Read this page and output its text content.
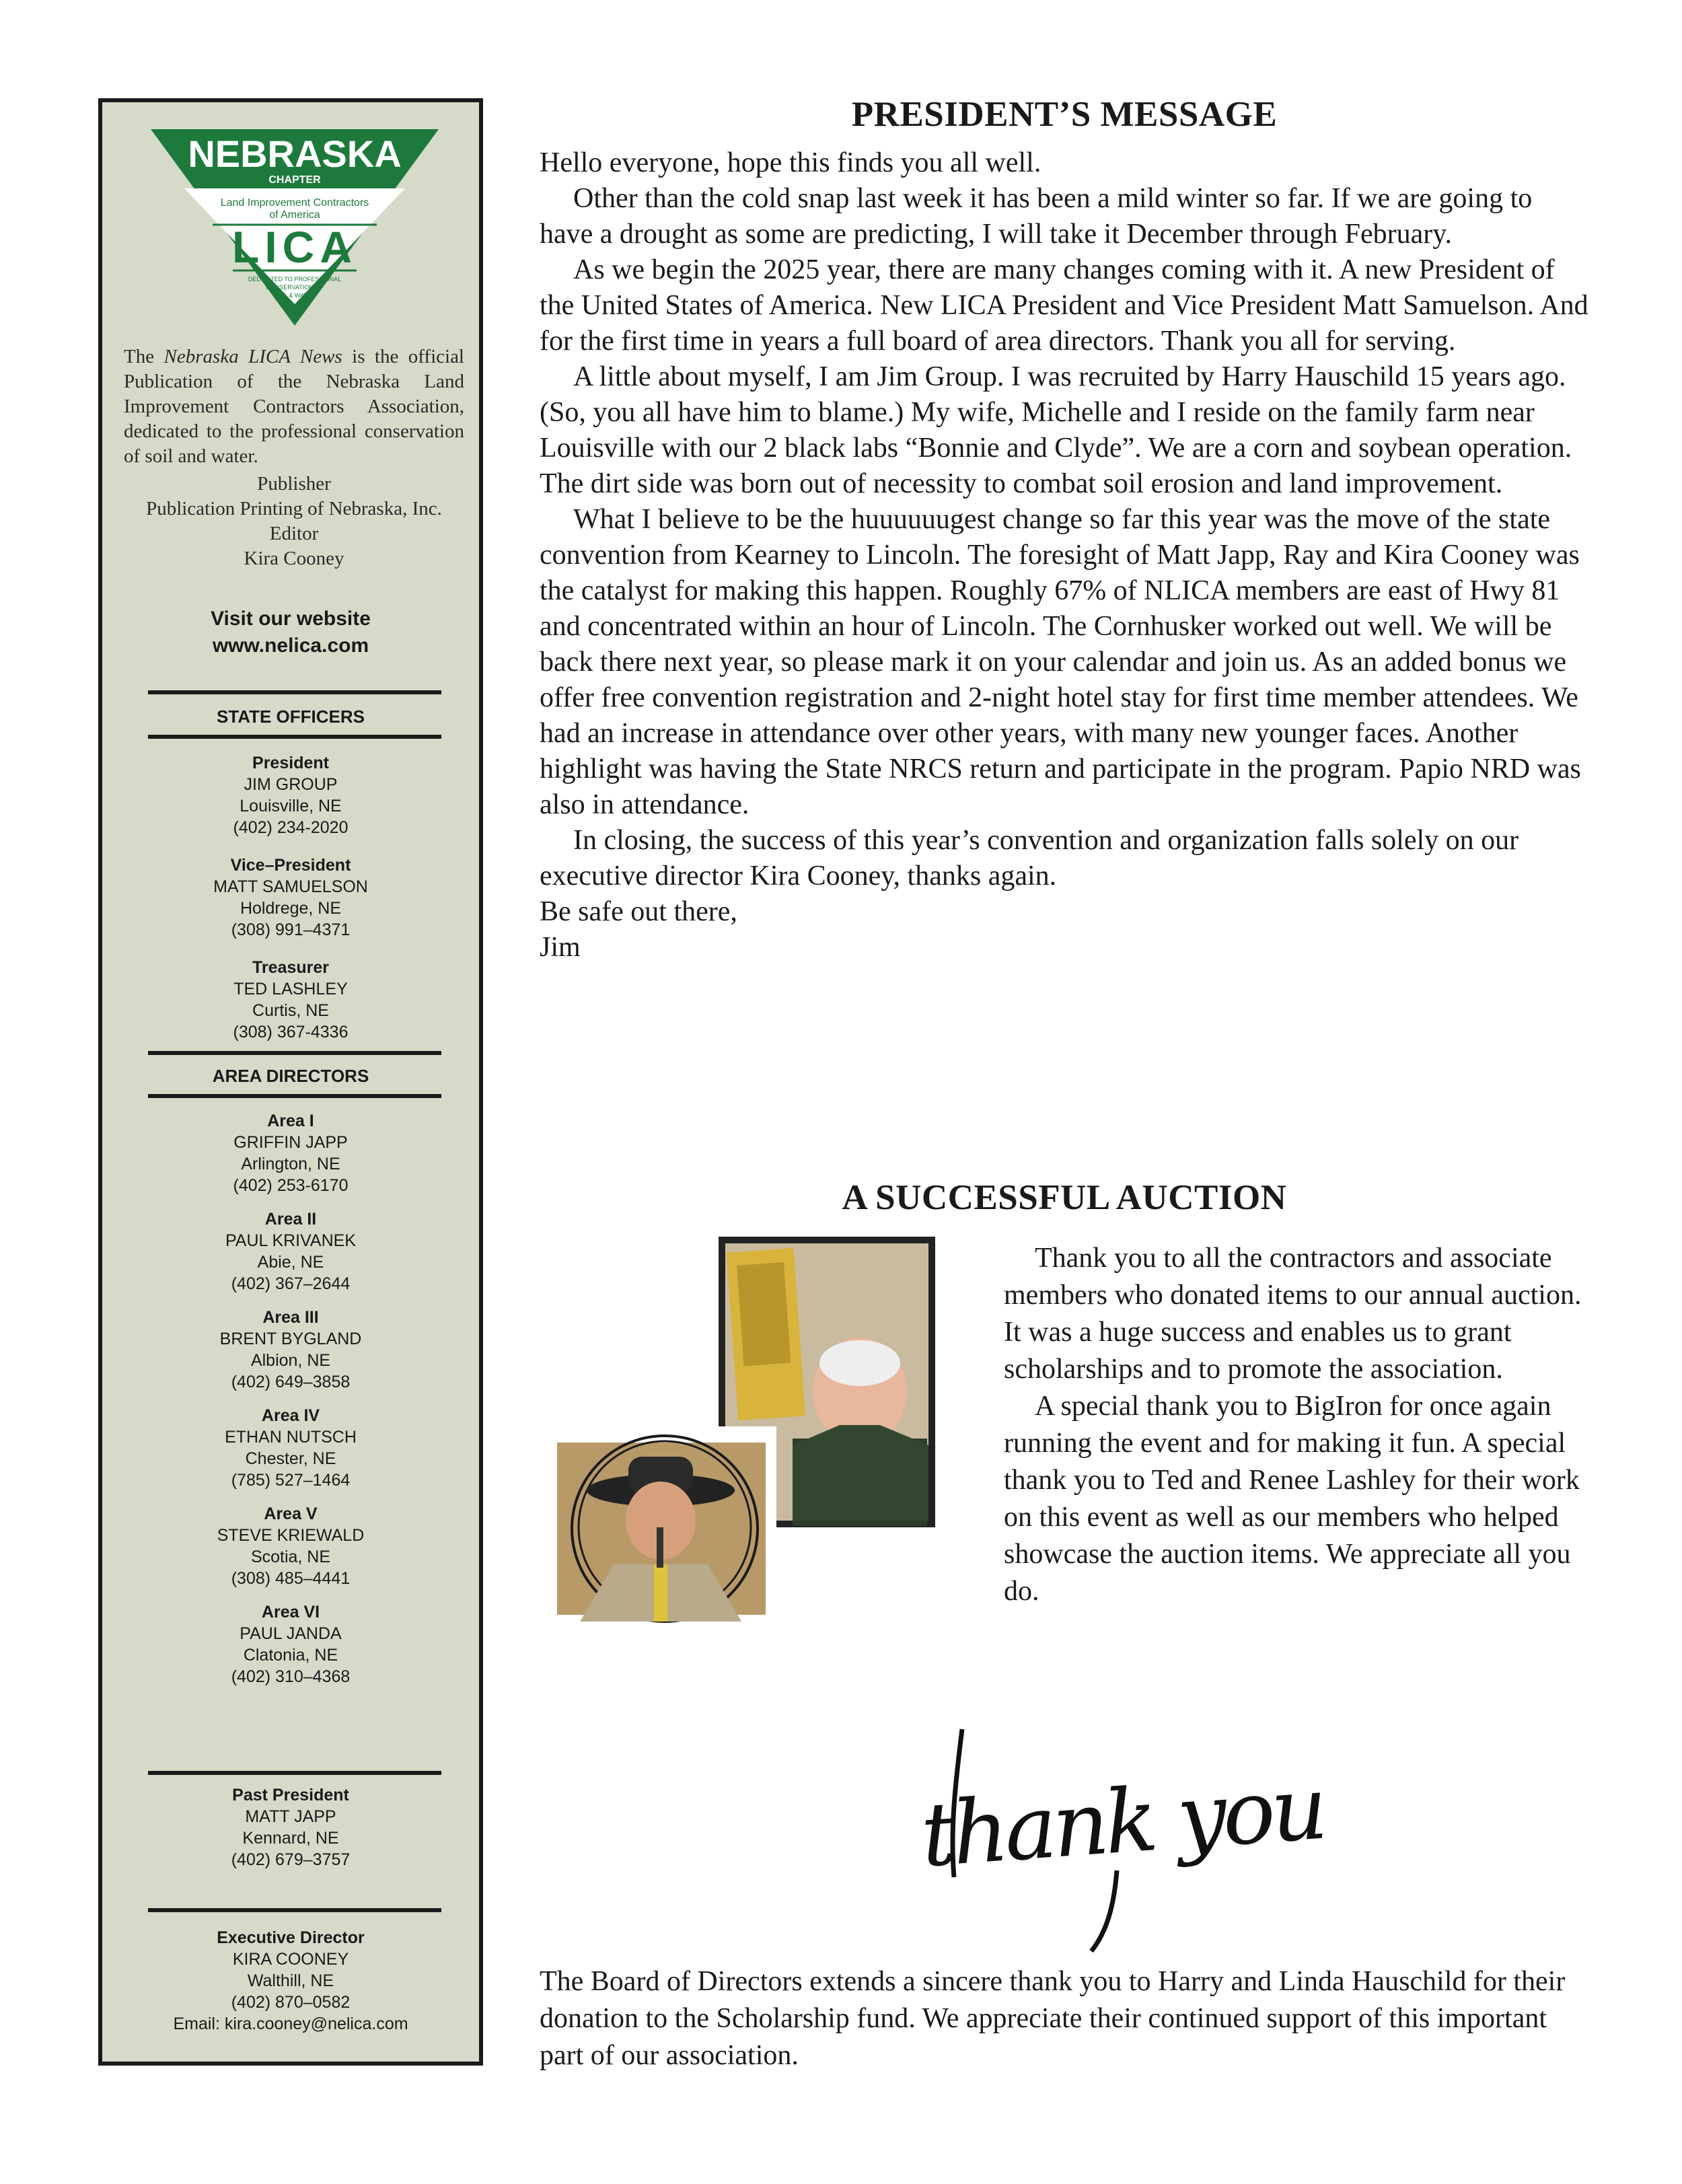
NEBRASKA
CHAPTER
Land Improvement Contractors
of America
LICA
DEDICATED TO PROFESSIONAL
CONSERVATION OF
SOIL & WATER
The Nebraska LICA News is the official Publication of the Nebraska Land Improvement Contractors Association, dedicated to the professional conservation of soil and water.
Publisher
Publication Printing of Nebraska, Inc.
Editor
Kira Cooney
Visit our website
www.nelica.com
STATE OFFICERS
President
JIM GROUP
Louisville, NE
(402) 234-2020
Vice–President
MATT SAMUELSON
Holdrege, NE
(308) 991–4371
Treasurer
TED LASHLEY
Curtis, NE
(308) 367-4336
AREA DIRECTORS
Area I
GRIFFIN JAPP
Arlington, NE
(402) 253-6170
Area II
PAUL KRIVANEK
Abie, NE
(402) 367–2644
Area III
BRENT BYGLAND
Albion, NE
(402) 649–3858
Area IV
ETHAN NUTSCH
Chester, NE
(785) 527–1464
Area V
STEVE KRIEWALD
Scotia, NE
(308) 485–4441
Area VI
PAUL JANDA
Clatonia, NE
(402) 310–4368
Past President
MATT JAPP
Kennard, NE
(402) 679–3757
Executive Director
KIRA COONEY
Walthill, NE
(402) 870–0582
Email: kira.cooney@nelica.com
PRESIDENT’S MESSAGE

Hello everyone, hope this finds you all well.

Other than the cold snap last week it has been a mild winter so far. If we are going to have a drought as some are predicting, I will take it December through February.

As we begin the 2025 year, there are many changes coming with it. A new President of the United States of America. New LICA President and Vice President Matt Samuelson. And for the first time in years a full board of area directors. Thank you all for serving.

A little about myself, I am Jim Group. I was recruited by Harry Hauschild 15 years ago. (So, you all have him to blame.) My wife, Michelle and I reside on the family farm near Louisville with our 2 black labs “Bonnie and Clyde”. We are a corn and soybean operation. The dirt side was born out of necessity to combat soil erosion and land improvement.

What I believe to be the huuuuuugest change so far this year was the move of the state convention from Kearney to Lincoln. The foresight of Matt Japp, Ray and Kira Cooney was the catalyst for making this happen. Roughly 67% of NLICA members are east of Hwy 81 and concentrated within an hour of Lincoln. The Cornhusker worked out well. We will be back there next year, so please mark it on your calendar and join us. As an added bonus we offer free convention registration and 2-night hotel stay for first time member attendees. We had an increase in attendance over other years, with many new younger faces. Another highlight was having the State NRCS return and participate in the program. Papio NRD was also in attendance.

In closing, the success of this year’s convention and organization falls solely on our executive director Kira Cooney, thanks again.

Be safe out there,

Jim

A SUCCESSFUL AUCTION

Thank you to all the contractors and associate members who donated items to our annual auction. It was a huge success and enables us to grant scholarships and to promote the association.

A special thank you to BigIron for once again running the event and for making it fun. A special thank you to Ted and Renee Lashley for their work on this event as well as our members who helped showcase the auction items. We appreciate all you do.

thank you
The Board of Directors extends a sincere thank you to Harry and Linda Hauschild for their donation to the Scholarship fund. We appreciate their continued support of this important part of our association.
